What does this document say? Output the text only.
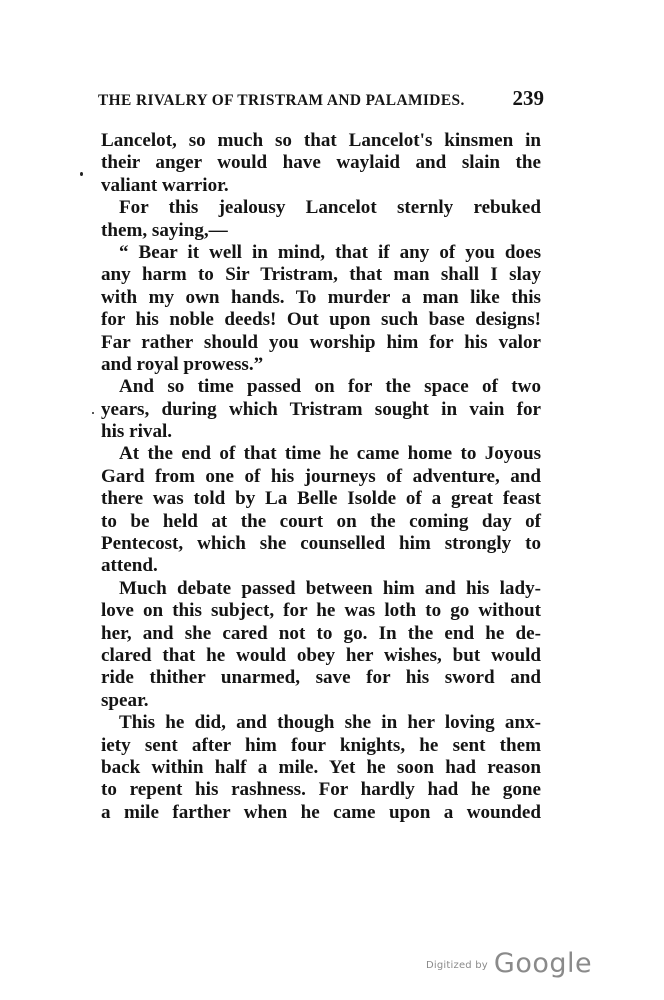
THE RIVALRY OF TRISTRAM AND PALAMIDES. 239
Lancelot, so much so that Lancelot's kinsmen in
their anger would have waylaid and slain the
valiant warrior.
For this jealousy Lancelot sternly rebuked
them, saying,—
“ Bear it well in mind, that if any of you does
any harm to Sir Tristram, that man shall I slay
with my own hands. To murder a man like this
for his noble deeds! Out upon such base designs!
Far rather should you worship him for his valor
and royal prowess.”
And so time passed on for the space of two
years, during which Tristram sought in vain for
his rival.
At the end of that time he came home to Joyous
Gard from one of his journeys of adventure, and
there was told by La Belle Isolde of a great feast
to be held at the court on the coming day of
Pentecost, which she counselled him strongly to
attend.
Much debate passed between him and his lady-
love on this subject, for he was loth to go without
her, and she cared not to go. In the end he de-
clared that he would obey her wishes, but would
ride thither unarmed, save for his sword and
spear.
This he did, and though she in her loving anx-
iety sent after him four knights, he sent them
back within half a mile. Yet he soon had reason
to repent his rashness. For hardly had he gone
a mile farther when he came upon a wounded
$^{Digitized by}$ Google
